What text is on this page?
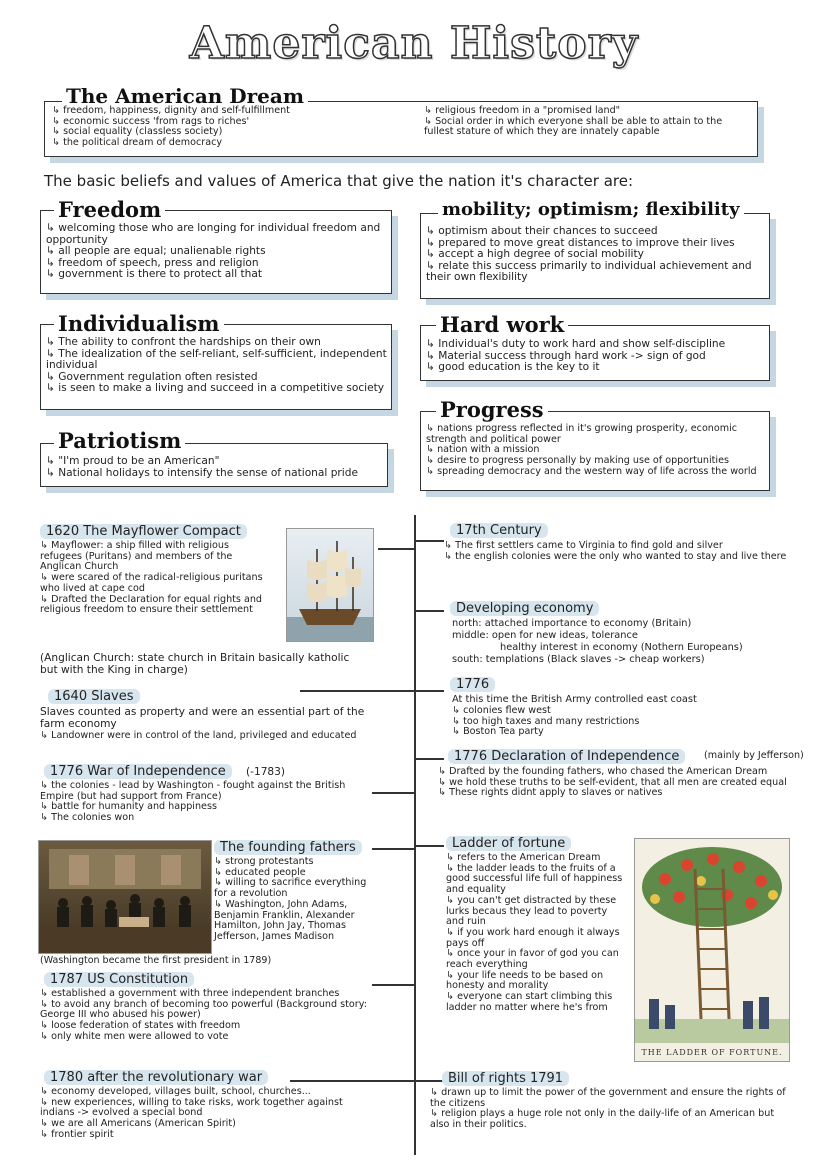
American History
The American Dream
↳ freedom, happiness, dignity and self-fulfillment
↳ economic success 'from rags to riches'
↳ social equality (classless society)
↳ the political dream of democracy
↳ religious freedom in a "promised land"
↳ Social order in which everyone shall be able to attain to the fullest stature of which they are innately capable
The basic beliefs and values of America that give the nation it's character are:
Freedom
↳ welcoming those who are longing for individual freedom and opportunity
↳ all people are equal; unalienable rights
↳ freedom of speech, press and religion
↳ government is there to protect all that
mobility; optimism; flexibility
↳ optimism about their chances to succeed
↳ prepared to move great distances to improve their lives
↳ accept a high degree of social mobility
↳ relate this success primarily to individual achievement and their own flexibility
Individualism
↳ The ability to confront the hardships on their own
↳ The idealization of the self-reliant, self-sufficient, independent individual
↳ Government regulation often resisted
↳ is seen to make a living and succeed in a competitive society
Hard work
↳ Individual's duty to work hard and show self-discipline
↳ Material success through hard work -> sign of god
↳ good education is the key to it
Progress
↳ nations progress reflected in it's growing prosperity, economic strength and political power
↳ nation with a mission
↳ desire to progress personally by making use of opportunities
↳ spreading democracy and the western way of life across the world
Patriotism
↳ "I'm proud to be an American"
↳ National holidays to intensify the sense of national pride
1620 The Mayflower Compact
↳ Mayflower: a ship filled with religious refugees (Puritans) and members of the Anglican Church
↳ were scared of the radical-religious puritans who lived at cape cod
↳ Drafted the Declaration for equal rights and religious freedom to ensure their settlement
(Anglican Church: state church in Britain basically katholic but with the King in charge)
1640 Slaves
Slaves counted as property and were an essential part of the farm economy
↳ Landowner were in control of the land, privileged and educated
1776 War of Independence	(-1783)
↳ the colonies - lead by Washington - fought against the British Empire (but had support from France)
↳ battle for humanity and happiness
↳ The colonies won
The founding fathers
↳ strong protestants
↳ educated people
↳ willing to sacrifice everything for a revolution
↳ Washington, John Adams, Benjamin Franklin, Alexander Hamilton, John Jay, Thomas Jefferson, James Madison
(Washington became the first president in 1789)
1787 US Constitution
↳ established a government with three independent branches
↳ to avoid any branch of becoming too powerful (Background story: George III who abused his power)
↳ loose federation of states with freedom
↳ only white men were allowed to vote
1780 after the revolutionary war
↳ economy developed, villages built, school, churches...
↳ new experiences, willing to take risks, work together against indians -> evolved a special bond
↳ we are all Americans (American Spirit)
↳ frontier spirit
17th Century
↳ The first settlers came to Virginia to find gold and silver
↳ the english colonies were the only who wanted to stay and live there
Developing economy
north: attached importance to economy (Britain)
middle: open for new ideas, tolerance
healthy interest in economy (Nothern Europeans)
south: templations (Black slaves -> cheap workers)
1776
At this time the British Army controlled east coast
↳ colonies flew west
↳ too high taxes and many restrictions
↳ Boston Tea party
1776 Declaration of Independence	(mainly by Jefferson)
↳ Drafted by the founding fathers, who chased the American Dream
↳ we hold these truths to be self-evident, that all men are created equal
↳ These rights didnt apply to slaves or natives
Ladder of fortune
↳ refers to the American Dream
↳ the ladder leads to the fruits of a good successful life full of happiness and equality
↳ you can't get distracted by these lurks becaus they lead to poverty and ruin
↳ if you work hard enough it always pays off
↳ once your in favor of god you can reach everything
↳ your life needs to be based on honesty and morality
↳ everyone can start climbing this ladder no matter where he's from
THE LADDER OF FORTUNE.
Bill of rights 1791
↳ drawn up to limit the power of the government and ensure the rights of the citizens
↳ religion plays a huge role not only in the daily-life of an American but also in their politics.
